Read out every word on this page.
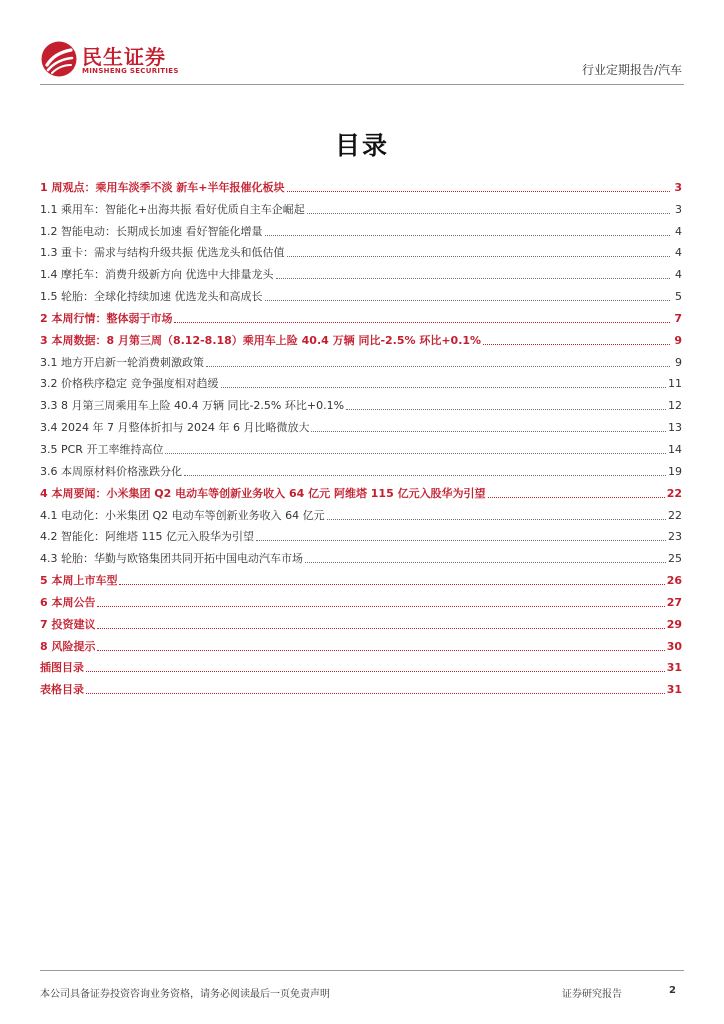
民生证券
MINSHENG SECURITIES	行业定期报告/汽车
目录
1 周观点：乘用车淡季不淡 新车+半年报催化板块	3
1.1 乘用车：智能化+出海共振 看好优质自主车企崛起	3
1.2 智能电动：长期成长加速 看好智能化增量	4
1.3 重卡：需求与结构升级共振 优选龙头和低估值	4
1.4 摩托车：消费升级新方向 优选中大排量龙头	4
1.5 轮胎：全球化持续加速 优选龙头和高成长	5
2 本周行情：整体弱于市场	7
3 本周数据：8 月第三周（8.12-8.18）乘用车上险 40.4 万辆 同比-2.5% 环比+0.1%	9
3.1 地方开启新一轮消费刺激政策	9
3.2 价格秩序稳定 竞争强度相对趋缓	11
3.3 8 月第三周乘用车上险 40.4 万辆 同比-2.5% 环比+0.1%	12
3.4 2024 年 7 月整体折扣与 2024 年 6 月比略微放大	13
3.5 PCR 开工率维持高位	14
3.6 本周原材料价格涨跌分化	19
4 本周要闻：小米集团 Q2 电动车等创新业务收入 64 亿元 阿维塔 115 亿元入股华为引望	22
4.1 电动化：小米集团 Q2 电动车等创新业务收入 64 亿元	22
4.2 智能化：阿维塔 115 亿元入股华为引望	23
4.3 轮胎：华勤与欧铬集团共同开拓中国电动汽车市场	25
5 本周上市车型	26
6 本周公告	27
7 投资建议	29
8 风险提示	30
插图目录	31
表格目录	31
本公司具备证券投资咨询业务资格，请务必阅读最后一页免责声明	证券研究报告	2
